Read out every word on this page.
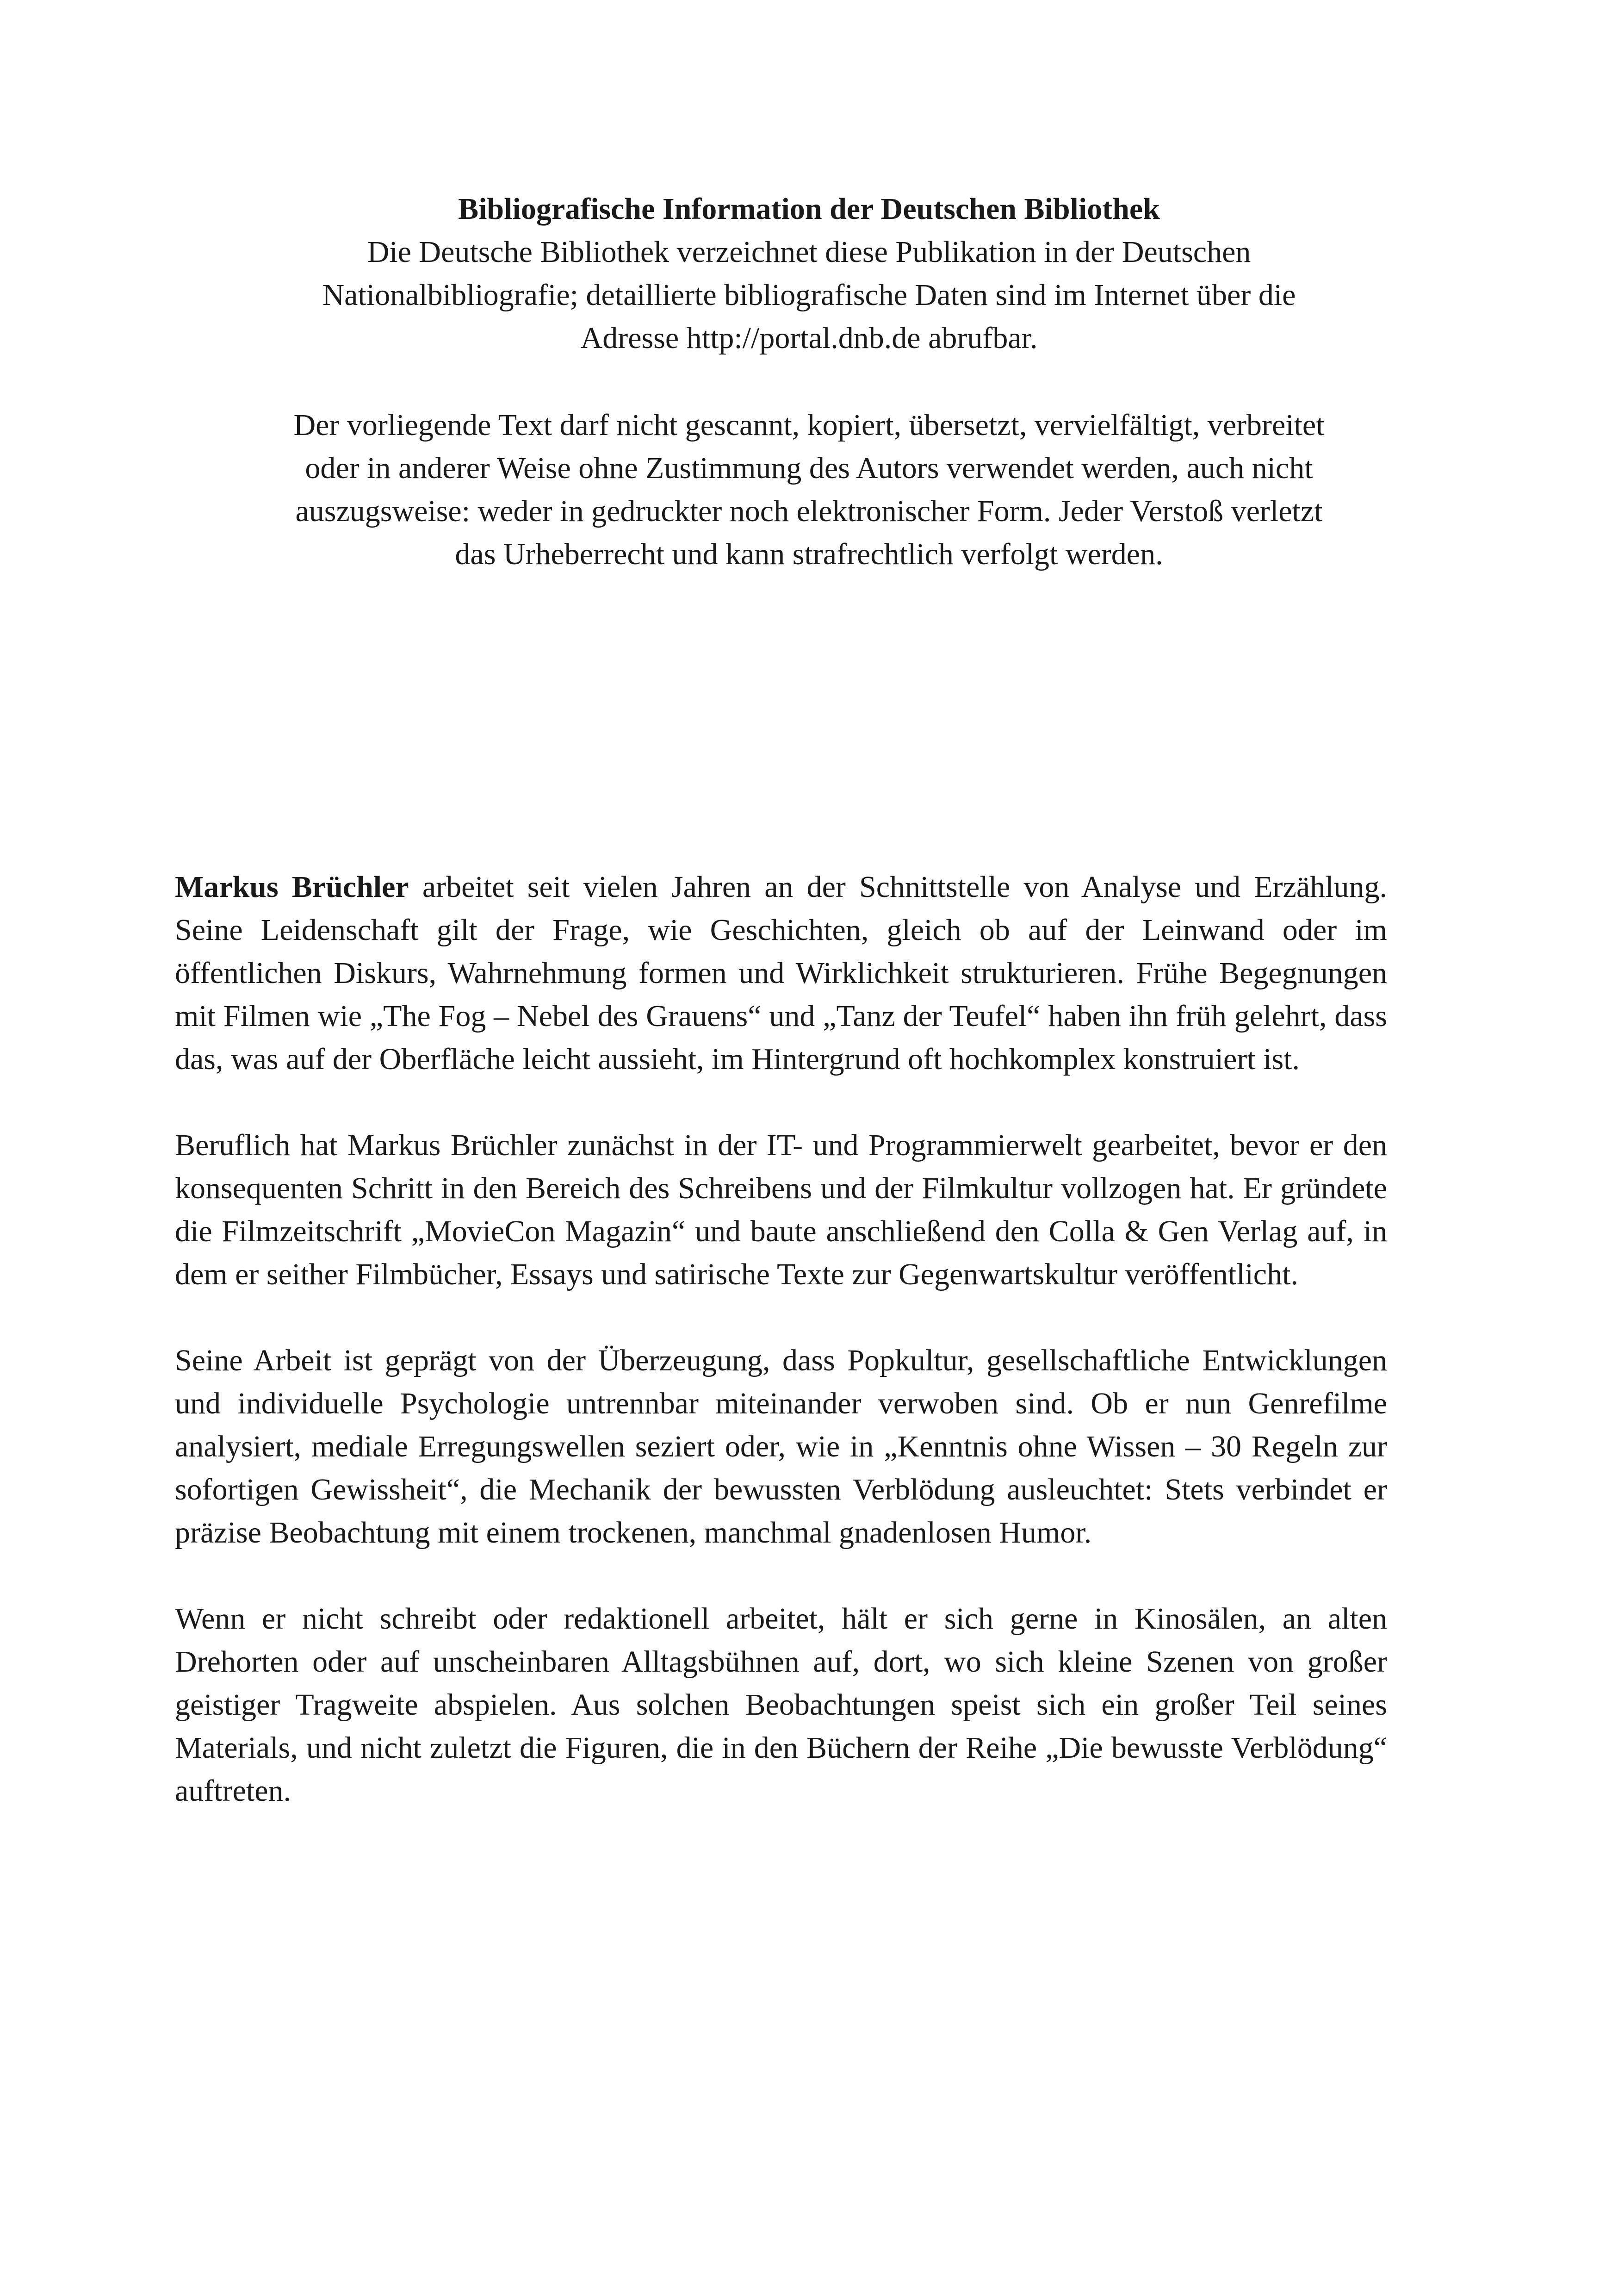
Bibliografische Information der Deutschen Bibliothek

Die Deutsche Bibliothek verzeichnet diese Publikation in der Deutschen

Nationalbibliografie; detaillierte bibliografische Daten sind im Internet über die

Adresse http://portal.dnb.de abrufbar.

Der vorliegende Text darf nicht gescannt, kopiert, übersetzt, vervielfältigt, verbreitet

oder in anderer Weise ohne Zustimmung des Autors verwendet werden, auch nicht

auszugsweise: weder in gedruckter noch elektronischer Form. Jeder Verstoß verletzt

das Urheberrecht und kann strafrechtlich verfolgt werden.

Markus Brüchler arbeitet seit vielen Jahren an der Schnittstelle von Analyse und Erzählung. Seine Leidenschaft gilt der Frage, wie Geschichten, gleich ob auf der Leinwand oder im öffentlichen Diskurs, Wahrnehmung formen und Wirklichkeit strukturieren. Frühe Begegnungen mit Filmen wie „The Fog – Nebel des Grauens“ und „Tanz der Teufel“ haben ihn früh gelehrt, dass das, was auf der Oberfläche leicht aussieht, im Hintergrund oft hochkomplex konstruiert ist.

Beruflich hat Markus Brüchler zunächst in der IT- und Programmierwelt gearbeitet, bevor er den konsequenten Schritt in den Bereich des Schreibens und der Filmkultur vollzogen hat. Er gründete die Filmzeitschrift „MovieCon Magazin“ und baute anschließend den Colla & Gen Verlag auf, in dem er seither Filmbücher, Essays und satirische Texte zur Gegenwartskultur veröffentlicht.

Seine Arbeit ist geprägt von der Überzeugung, dass Popkultur, gesellschaftliche Entwicklungen und individuelle Psychologie untrennbar miteinander verwoben sind. Ob er nun Genrefilme analysiert, mediale Erregungswellen seziert oder, wie in „Kenntnis ohne Wissen – 30 Regeln zur sofortigen Gewissheit“, die Mechanik der bewussten Verblödung ausleuchtet: Stets verbindet er präzise Beobachtung mit einem trockenen, manchmal gnadenlosen Humor.

Wenn er nicht schreibt oder redaktionell arbeitet, hält er sich gerne in Kinosälen, an alten Drehorten oder auf unscheinbaren Alltagsbühnen auf, dort, wo sich kleine Szenen von großer geistiger Tragweite abspielen. Aus solchen Beobachtungen speist sich ein großer Teil seines Materials, und nicht zuletzt die Figuren, die in den Büchern der Reihe „Die bewusste Verblödung“ auftreten.
